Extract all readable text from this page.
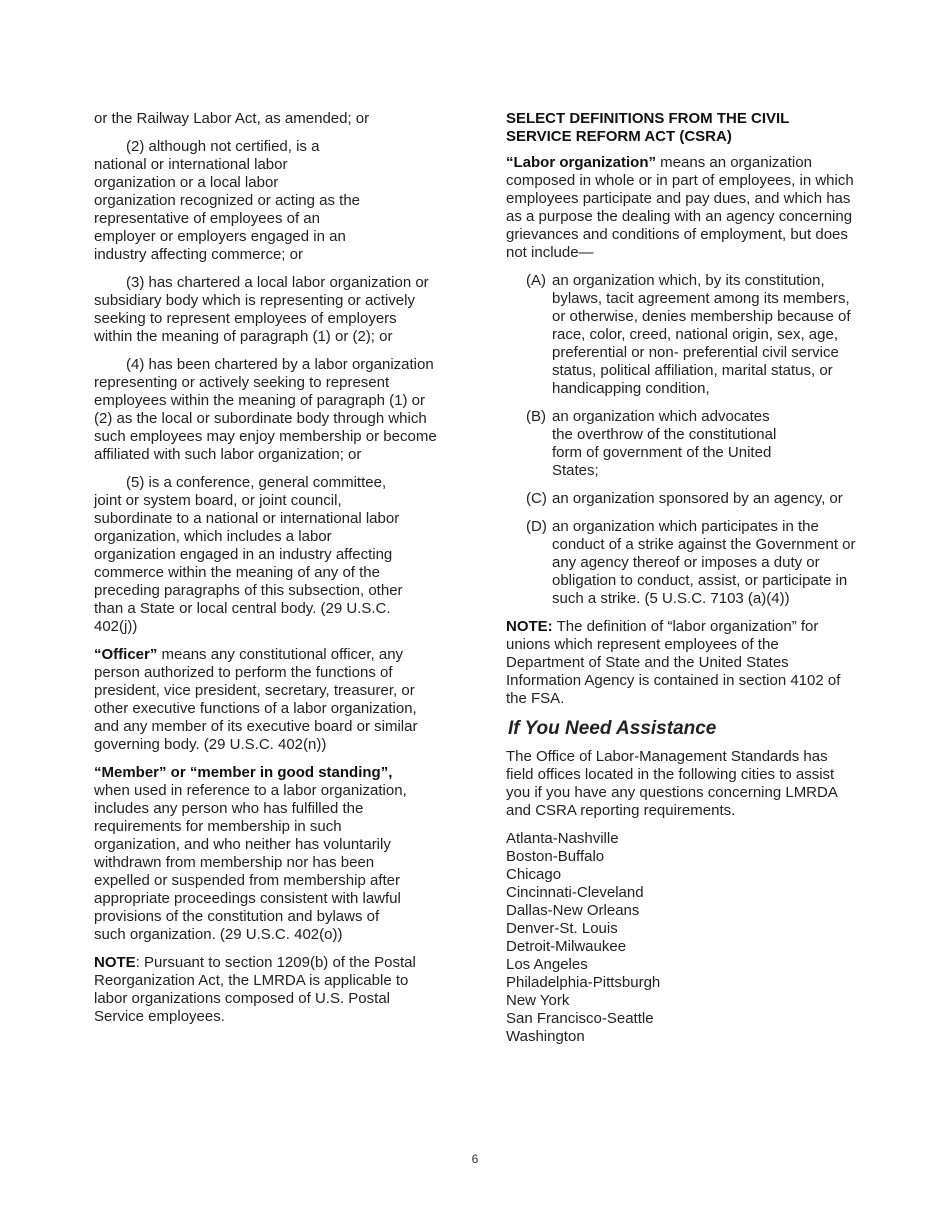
or the Railway Labor Act, as amended; or

(2) although not certified, is a national or international labor organization or a local labor organization recognized or acting as the representative of employees of an employer or employers engaged in an industry affecting commerce; or

(3) has chartered a local labor organization or subsidiary body which is representing or actively seeking to represent employees of employers within the meaning of paragraph (1) or (2); or

(4) has been chartered by a labor organization representing or actively seeking to represent employees within the meaning of paragraph (1) or (2) as the local or subordinate body through which such employees may enjoy membership or become affiliated with such labor organization; or

(5) is a conference, general committee, joint or system board, or joint council, subordinate to a national or international labor organization, which includes a labor organization engaged in an industry affecting commerce within the meaning of any of the preceding paragraphs of this subsection, other than a State or local central body. (29 U.S.C. 402(j))

“Officer” means any constitutional officer, any person authorized to perform the functions of president, vice president, secretary, treasurer, or other executive functions of a labor organization, and any member of its executive board or similar governing body. (29 U.S.C. 402(n))

“Member” or “member in good standing”, when used in reference to a labor organization, includes any person who has fulfilled the requirements for membership in such organization, and who neither has voluntarily withdrawn from membership nor has been expelled or suspended from membership after appropriate proceedings consistent with lawful provisions of the constitution and bylaws of such organization. (29 U.S.C. 402(o))

NOTE: Pursuant to section 1209(b) of the Postal Reorganization Act, the LMRDA is applicable to labor organizations composed of U.S. Postal Service employees.

SELECT DEFINITIONS FROM THE CIVIL SERVICE REFORM ACT (CSRA)

“Labor organization” means an organization composed in whole or in part of employees, in which employees participate and pay dues, and which has as a purpose the dealing with an agency concerning grievances and conditions of employment, but does not include—

(A) an organization which, by its constitution, bylaws, tacit agreement among its members, or otherwise, denies membership because of race, color, creed, national origin, sex, age, preferential or non- preferential civil service status, political affiliation, marital status, or handicapping condition,
(B) an organization which advocates the overthrow of the constitutional form of government of the United States;
(C) an organization sponsored by an agency, or
(D) an organization which participates in the conduct of a strike against the Government or any agency thereof or imposes a duty or obligation to conduct, assist, or participate in such a strike. (5 U.S.C. 7103 (a)(4))

NOTE: The definition of “labor organization” for unions which represent employees of the Department of State and the United States Information Agency is contained in section 4102 of the FSA.

If You Need Assistance

The Office of Labor-Management Standards has field offices located in the following cities to assist you if you have any questions concerning LMRDA and CSRA reporting requirements.

Atlanta-Nashville
Boston-Buffalo
Chicago
Cincinnati-Cleveland
Dallas-New Orleans
Denver-St. Louis
Detroit-Milwaukee
Los Angeles
Philadelphia-Pittsburgh
New York
San Francisco-Seattle
Washington
6
